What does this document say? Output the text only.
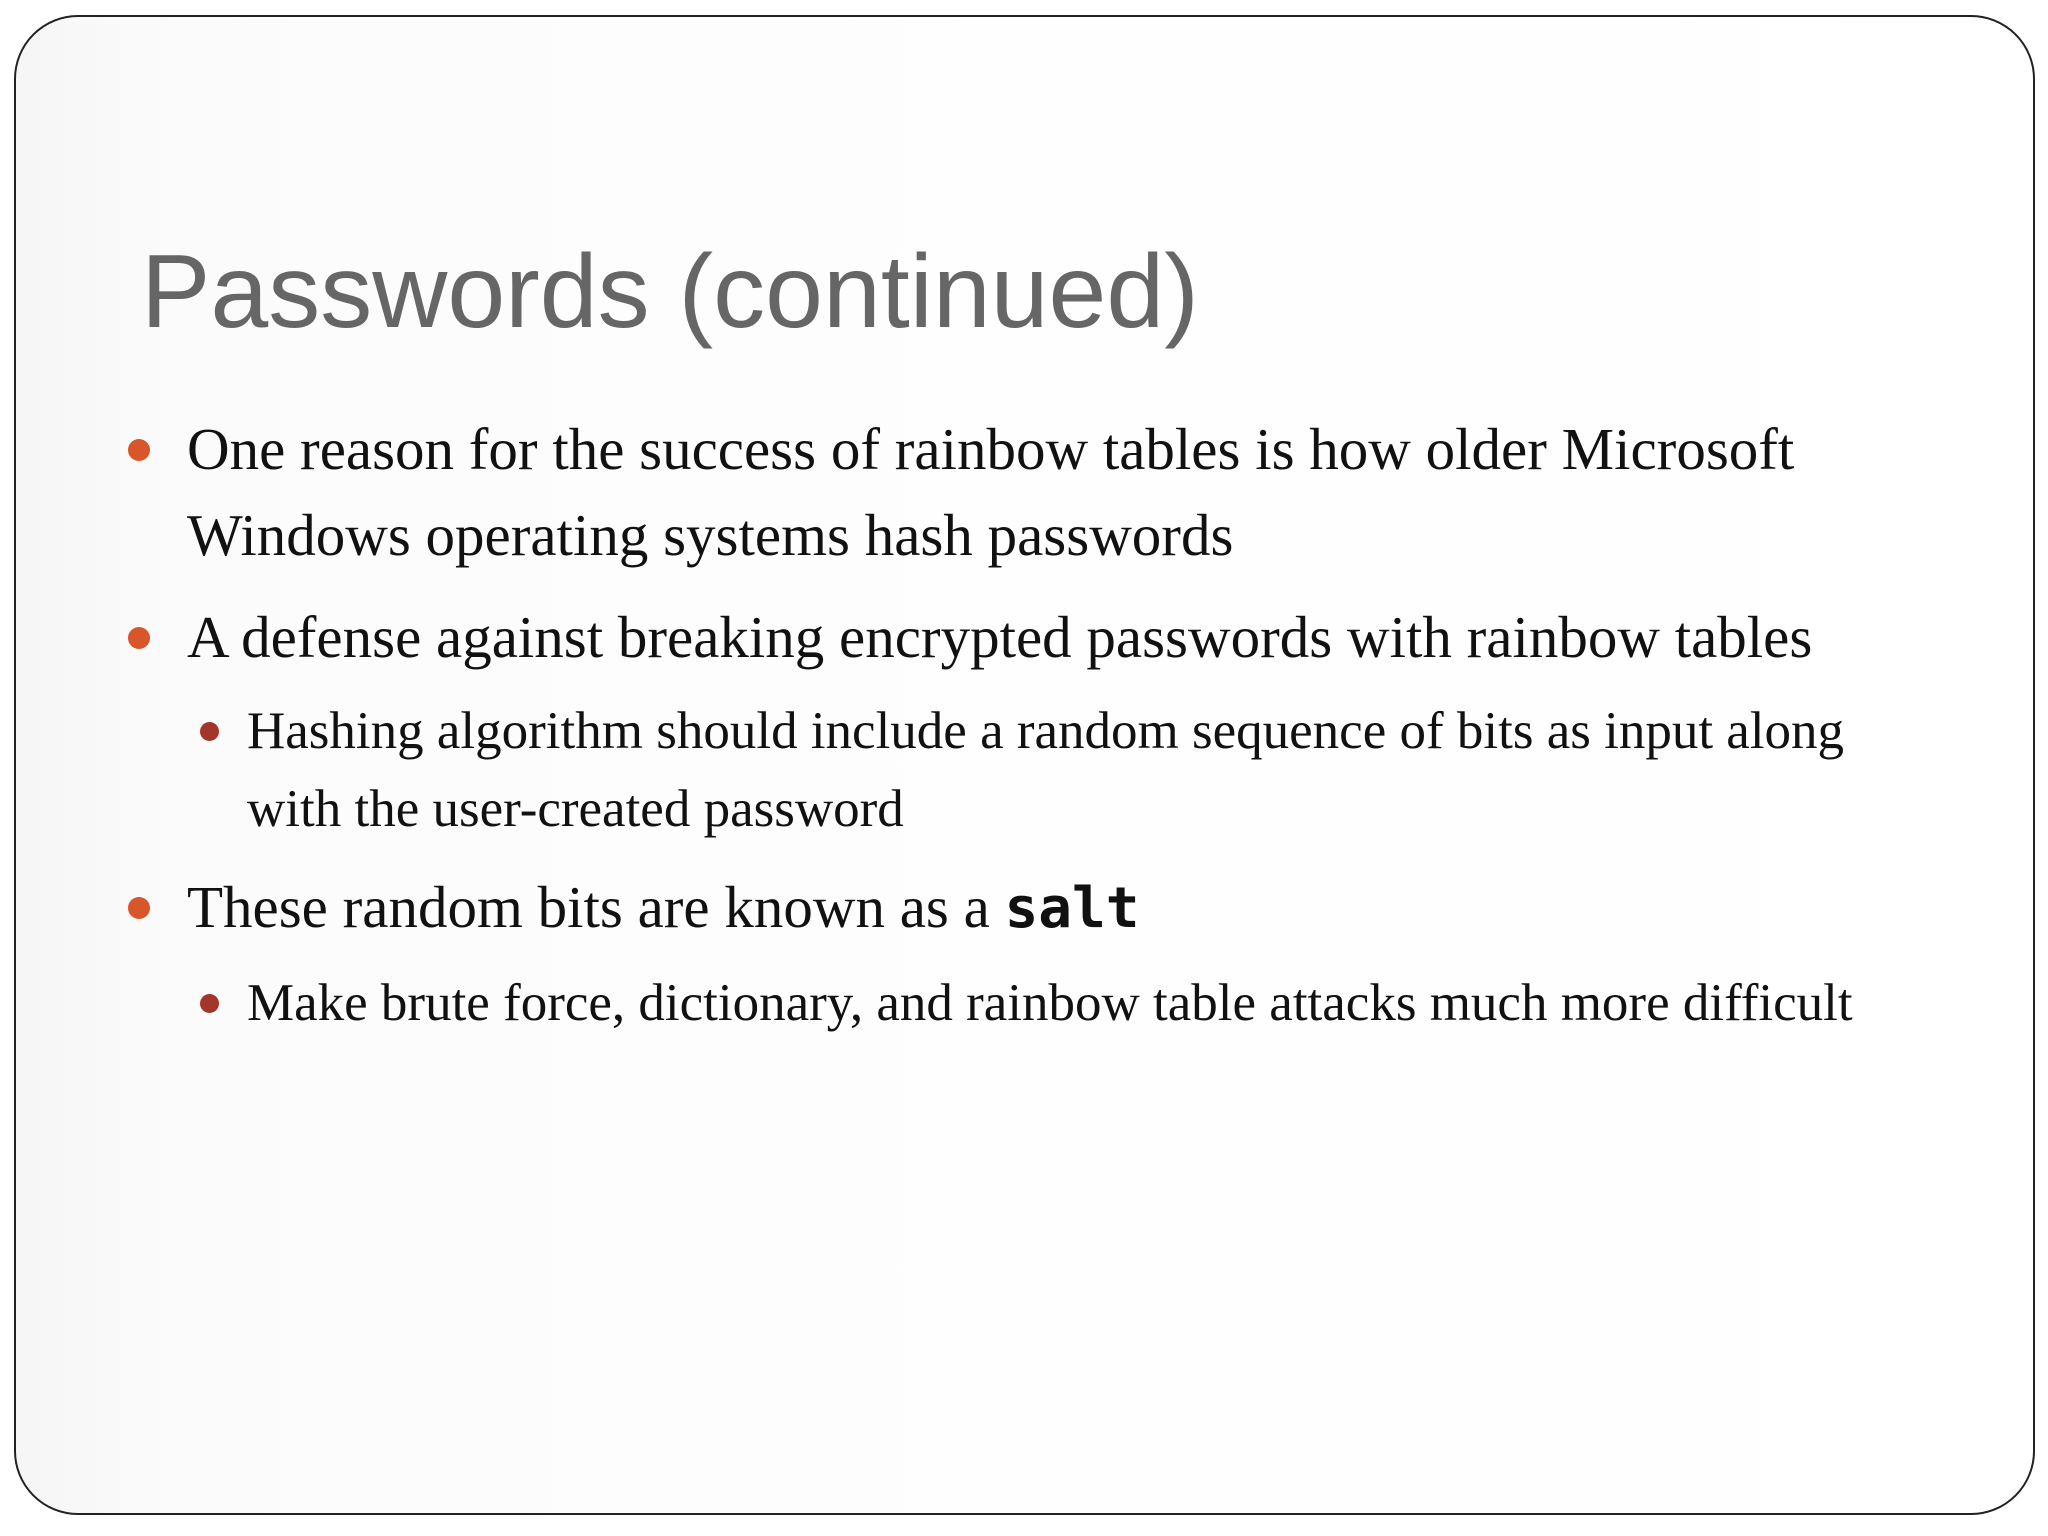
Passwords (continued)
One reason for the success of rainbow tables is how older Microsoft Windows operating systems hash passwords
A defense against breaking encrypted passwords with rainbow tables
Hashing algorithm should include a random sequence of bits as input along with the user-created password
These random bits are known as a salt
Make brute force, dictionary, and rainbow table attacks much more difficult
